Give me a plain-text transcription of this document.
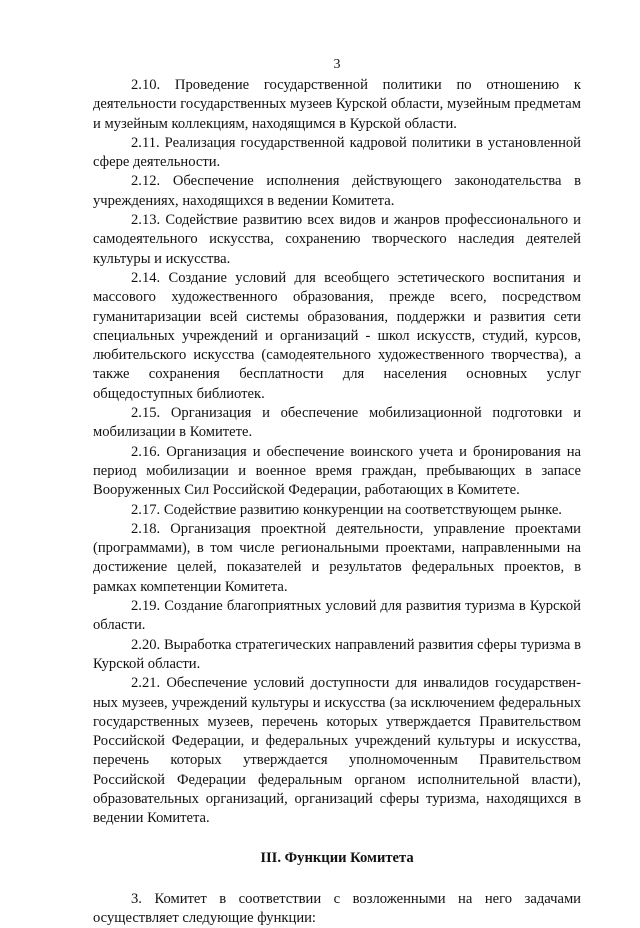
3

2.10. Проведение государственной политики по отношению к деятельности государственных музеев Курской области, музейным предметам и музейным коллекциям, находящимся в Курской области.

2.11. Реализация государственной кадровой политики в установленной сфере деятельности.

2.12. Обеспечение исполнения действующего законодательства в учреждениях, находящихся в ведении Комитета.

2.13. Содействие развитию всех видов и жанров профессионального и самодеятельного искусства, сохранению творческого наследия деятелей культуры и искусства.

2.14. Создание условий для всеобщего эстетического воспитания и массового художественного образования, прежде всего, посредством гуманитаризации всей системы образования, поддержки и развития сети специальных учреждений и организаций - школ искусств, студий, курсов, любительского искусства (самодеятельного художественного творчества), а также сохранения бесплатности для населения основных услуг общедоступных библиотек.

2.15. Организация и обеспечение мобилизационной подготовки и мобилизации в Комитете.

2.16. Организация и обеспечение воинского учета и бронирования на период мобилизации и военное время граждан, пребывающих в запасе Вооруженных Сил Российской Федерации, работающих в Комитете.

2.17. Содействие развитию конкуренции на соответствующем рынке.

2.18. Организация проектной деятельности, управление проектами (программами), в том числе региональными проектами, направленными на достижение целей, показателей и результатов федеральных проектов, в рамках компетенции Комитета.

2.19. Создание благоприятных условий для развития туризма в Курской области.

2.20. Выработка стратегических направлений развития сферы туризма в Курской области.

2.21. Обеспечение условий доступности для инвалидов государственных музеев, учреждений культуры и искусства (за исключением федеральных государственных музеев, перечень которых утверждается Правительством Российской Федерации, и федеральных учреждений культуры и искусства, перечень которых утверждается уполномоченным Правительством Российской Федерации федеральным органом исполнительной власти), образовательных организаций, организаций сферы туризма, находящихся в ведении Комитета.

III. Функции Комитета

3. Комитет в соответствии с возложенными на него задачами осуществляет следующие функции:
